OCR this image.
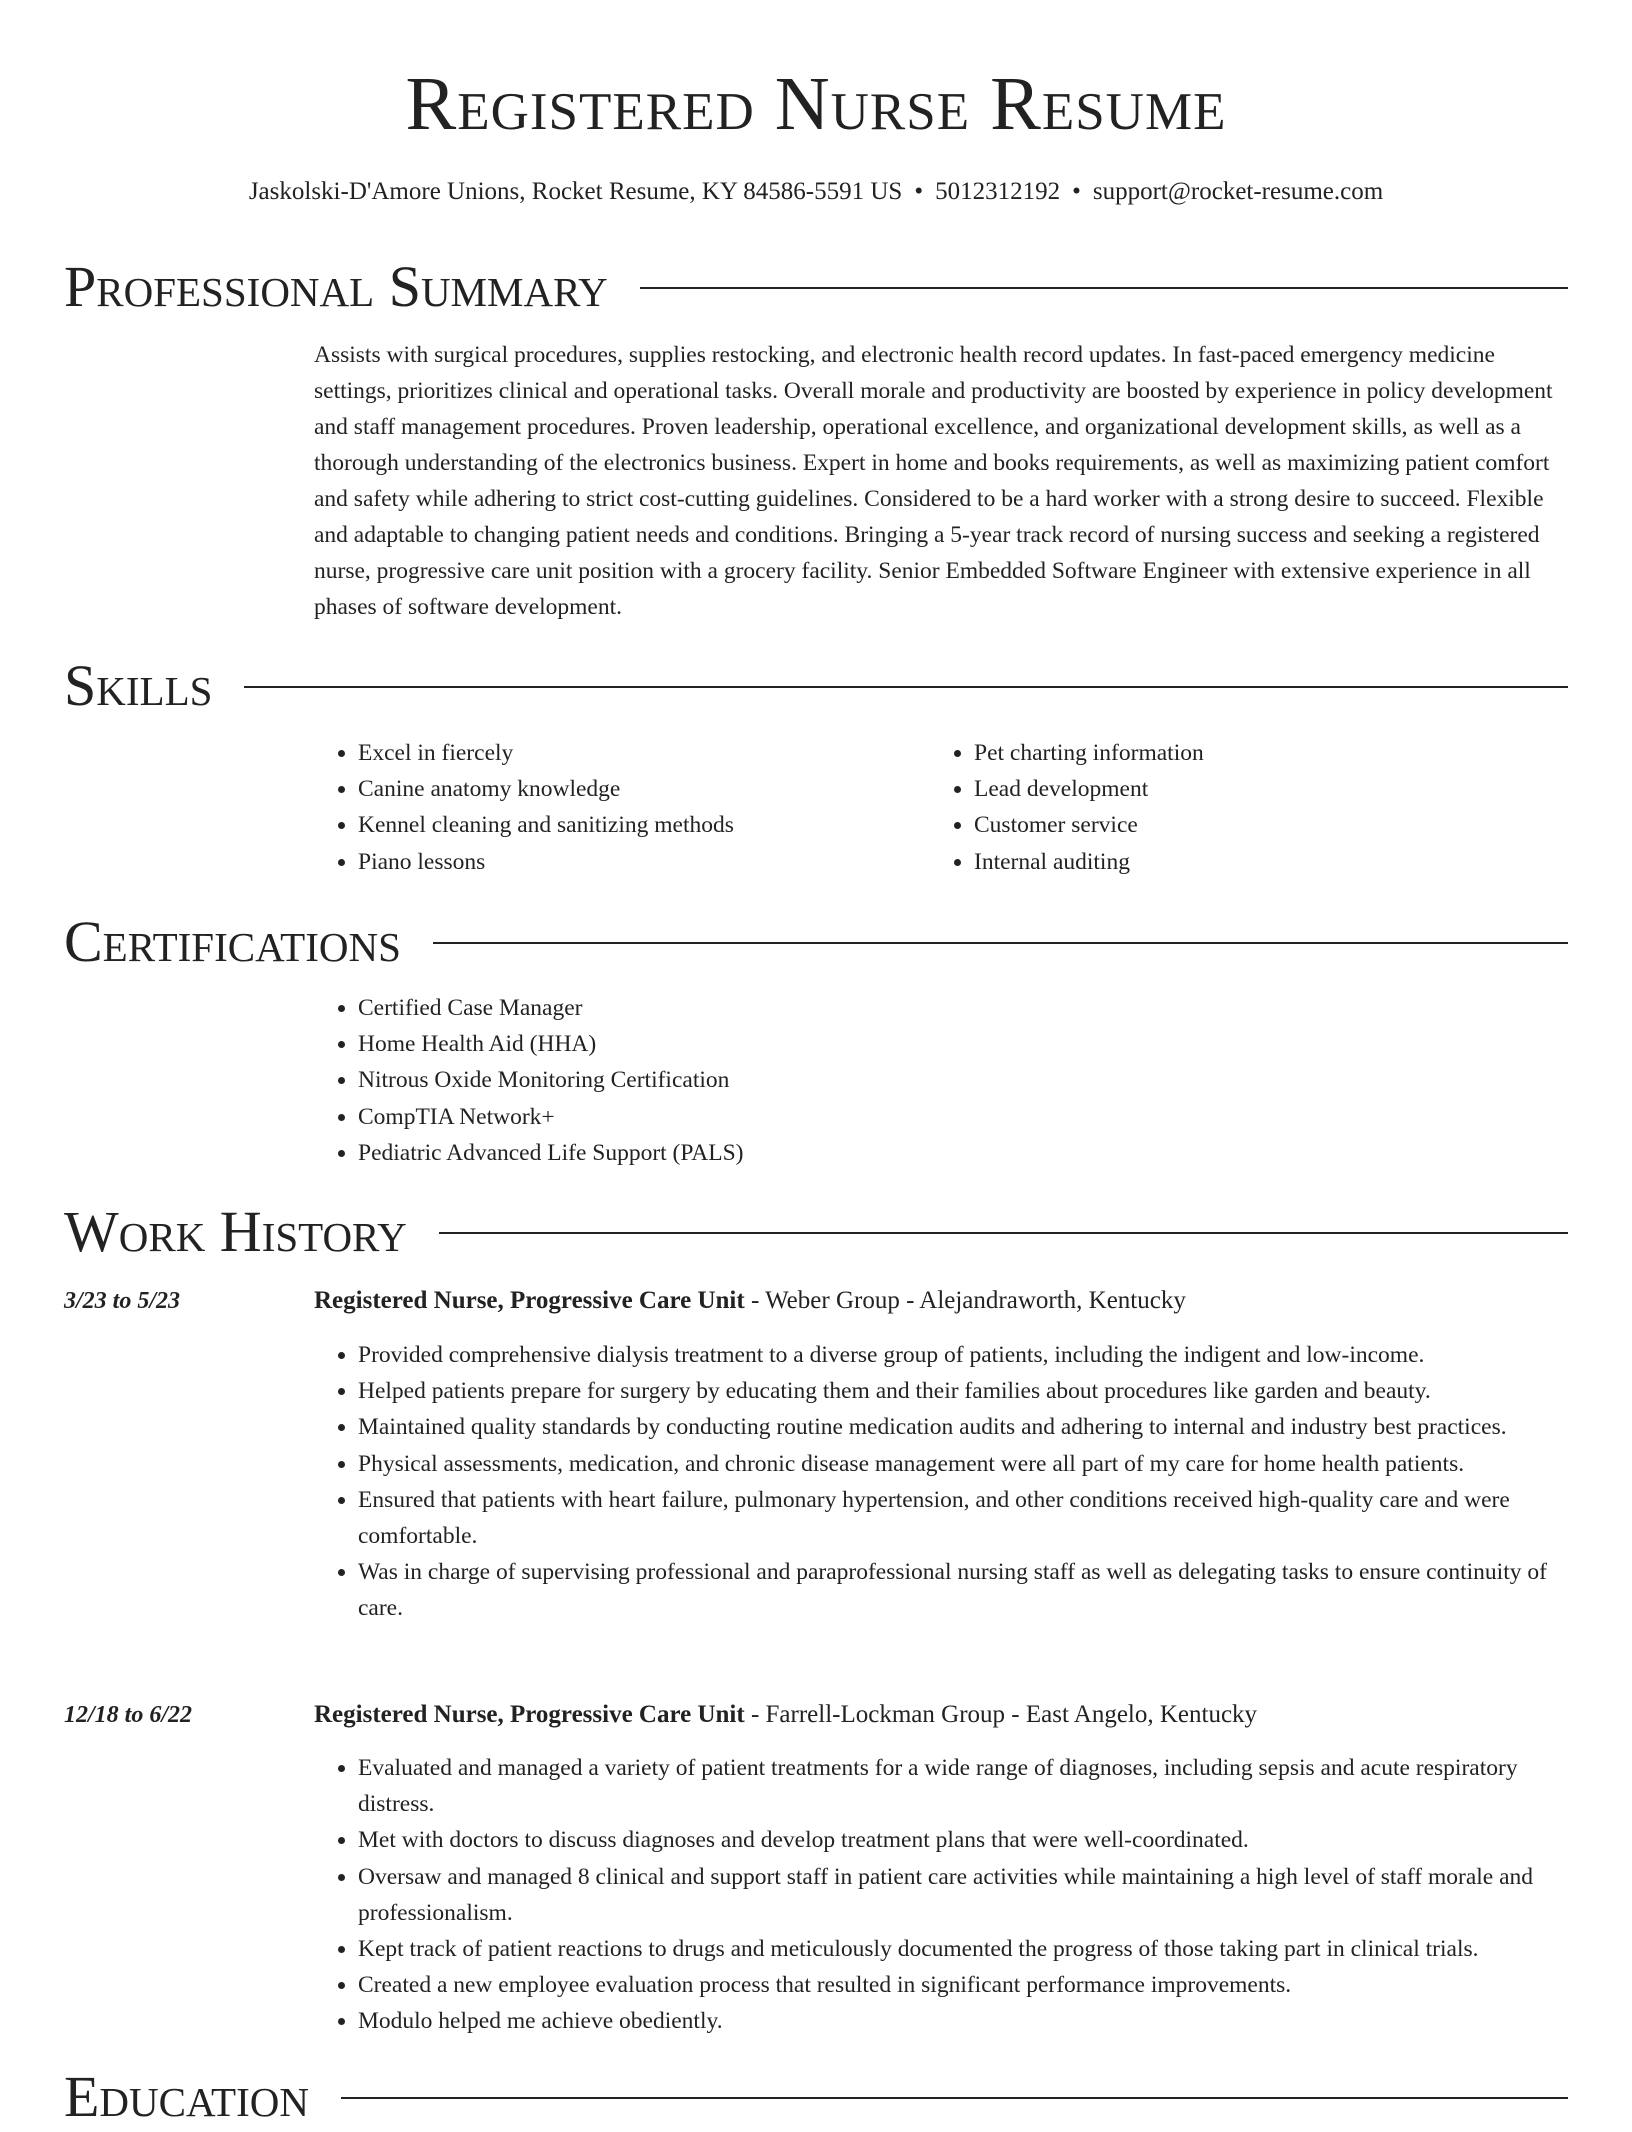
Registered Nurse Resume
Jaskolski-D'Amore Unions, Rocket Resume, KY 84586-5591 US • 5012312192 • support@rocket-resume.com
Professional Summary
Assists with surgical procedures, supplies restocking, and electronic health record updates. In fast-paced emergency medicine settings, prioritizes clinical and operational tasks. Overall morale and productivity are boosted by experience in policy development and staff management procedures. Proven leadership, operational excellence, and organizational development skills, as well as a thorough understanding of the electronics business. Expert in home and books requirements, as well as maximizing patient comfort and safety while adhering to strict cost-cutting guidelines. Considered to be a hard worker with a strong desire to succeed. Flexible and adaptable to changing patient needs and conditions. Bringing a 5-year track record of nursing success and seeking a registered nurse, progressive care unit position with a grocery facility. Senior Embedded Software Engineer with extensive experience in all phases of software development.
Skills
• Excel in fiercely
• Canine anatomy knowledge
• Kennel cleaning and sanitizing methods
• Piano lessons
• Pet charting information
• Lead development
• Customer service
• Internal auditing
Certifications
• Certified Case Manager
• Home Health Aid (HHA)
• Nitrous Oxide Monitoring Certification
• CompTIA Network+
• Pediatric Advanced Life Support (PALS)
Work History
3/23 to 5/23	Registered Nurse, Progressive Care Unit - Weber Group - Alejandraworth, Kentucky
• Provided comprehensive dialysis treatment to a diverse group of patients, including the indigent and low-income.
• Helped patients prepare for surgery by educating them and their families about procedures like garden and beauty.
• Maintained quality standards by conducting routine medication audits and adhering to internal and industry best practices.
• Physical assessments, medication, and chronic disease management were all part of my care for home health patients.
• Ensured that patients with heart failure, pulmonary hypertension, and other conditions received high-quality care and were comfortable.
• Was in charge of supervising professional and paraprofessional nursing staff as well as delegating tasks to ensure continuity of care.
12/18 to 6/22	Registered Nurse, Progressive Care Unit - Farrell-Lockman Group - East Angelo, Kentucky
• Evaluated and managed a variety of patient treatments for a wide range of diagnoses, including sepsis and acute respiratory distress.
• Met with doctors to discuss diagnoses and develop treatment plans that were well-coordinated.
• Oversaw and managed 8 clinical and support staff in patient care activities while maintaining a high level of staff morale and professionalism.
• Kept track of patient reactions to drugs and meticulously documented the progress of those taking part in clinical trials.
• Created a new employee evaluation process that resulted in significant performance improvements.
• Modulo helped me achieve obediently.
Education
